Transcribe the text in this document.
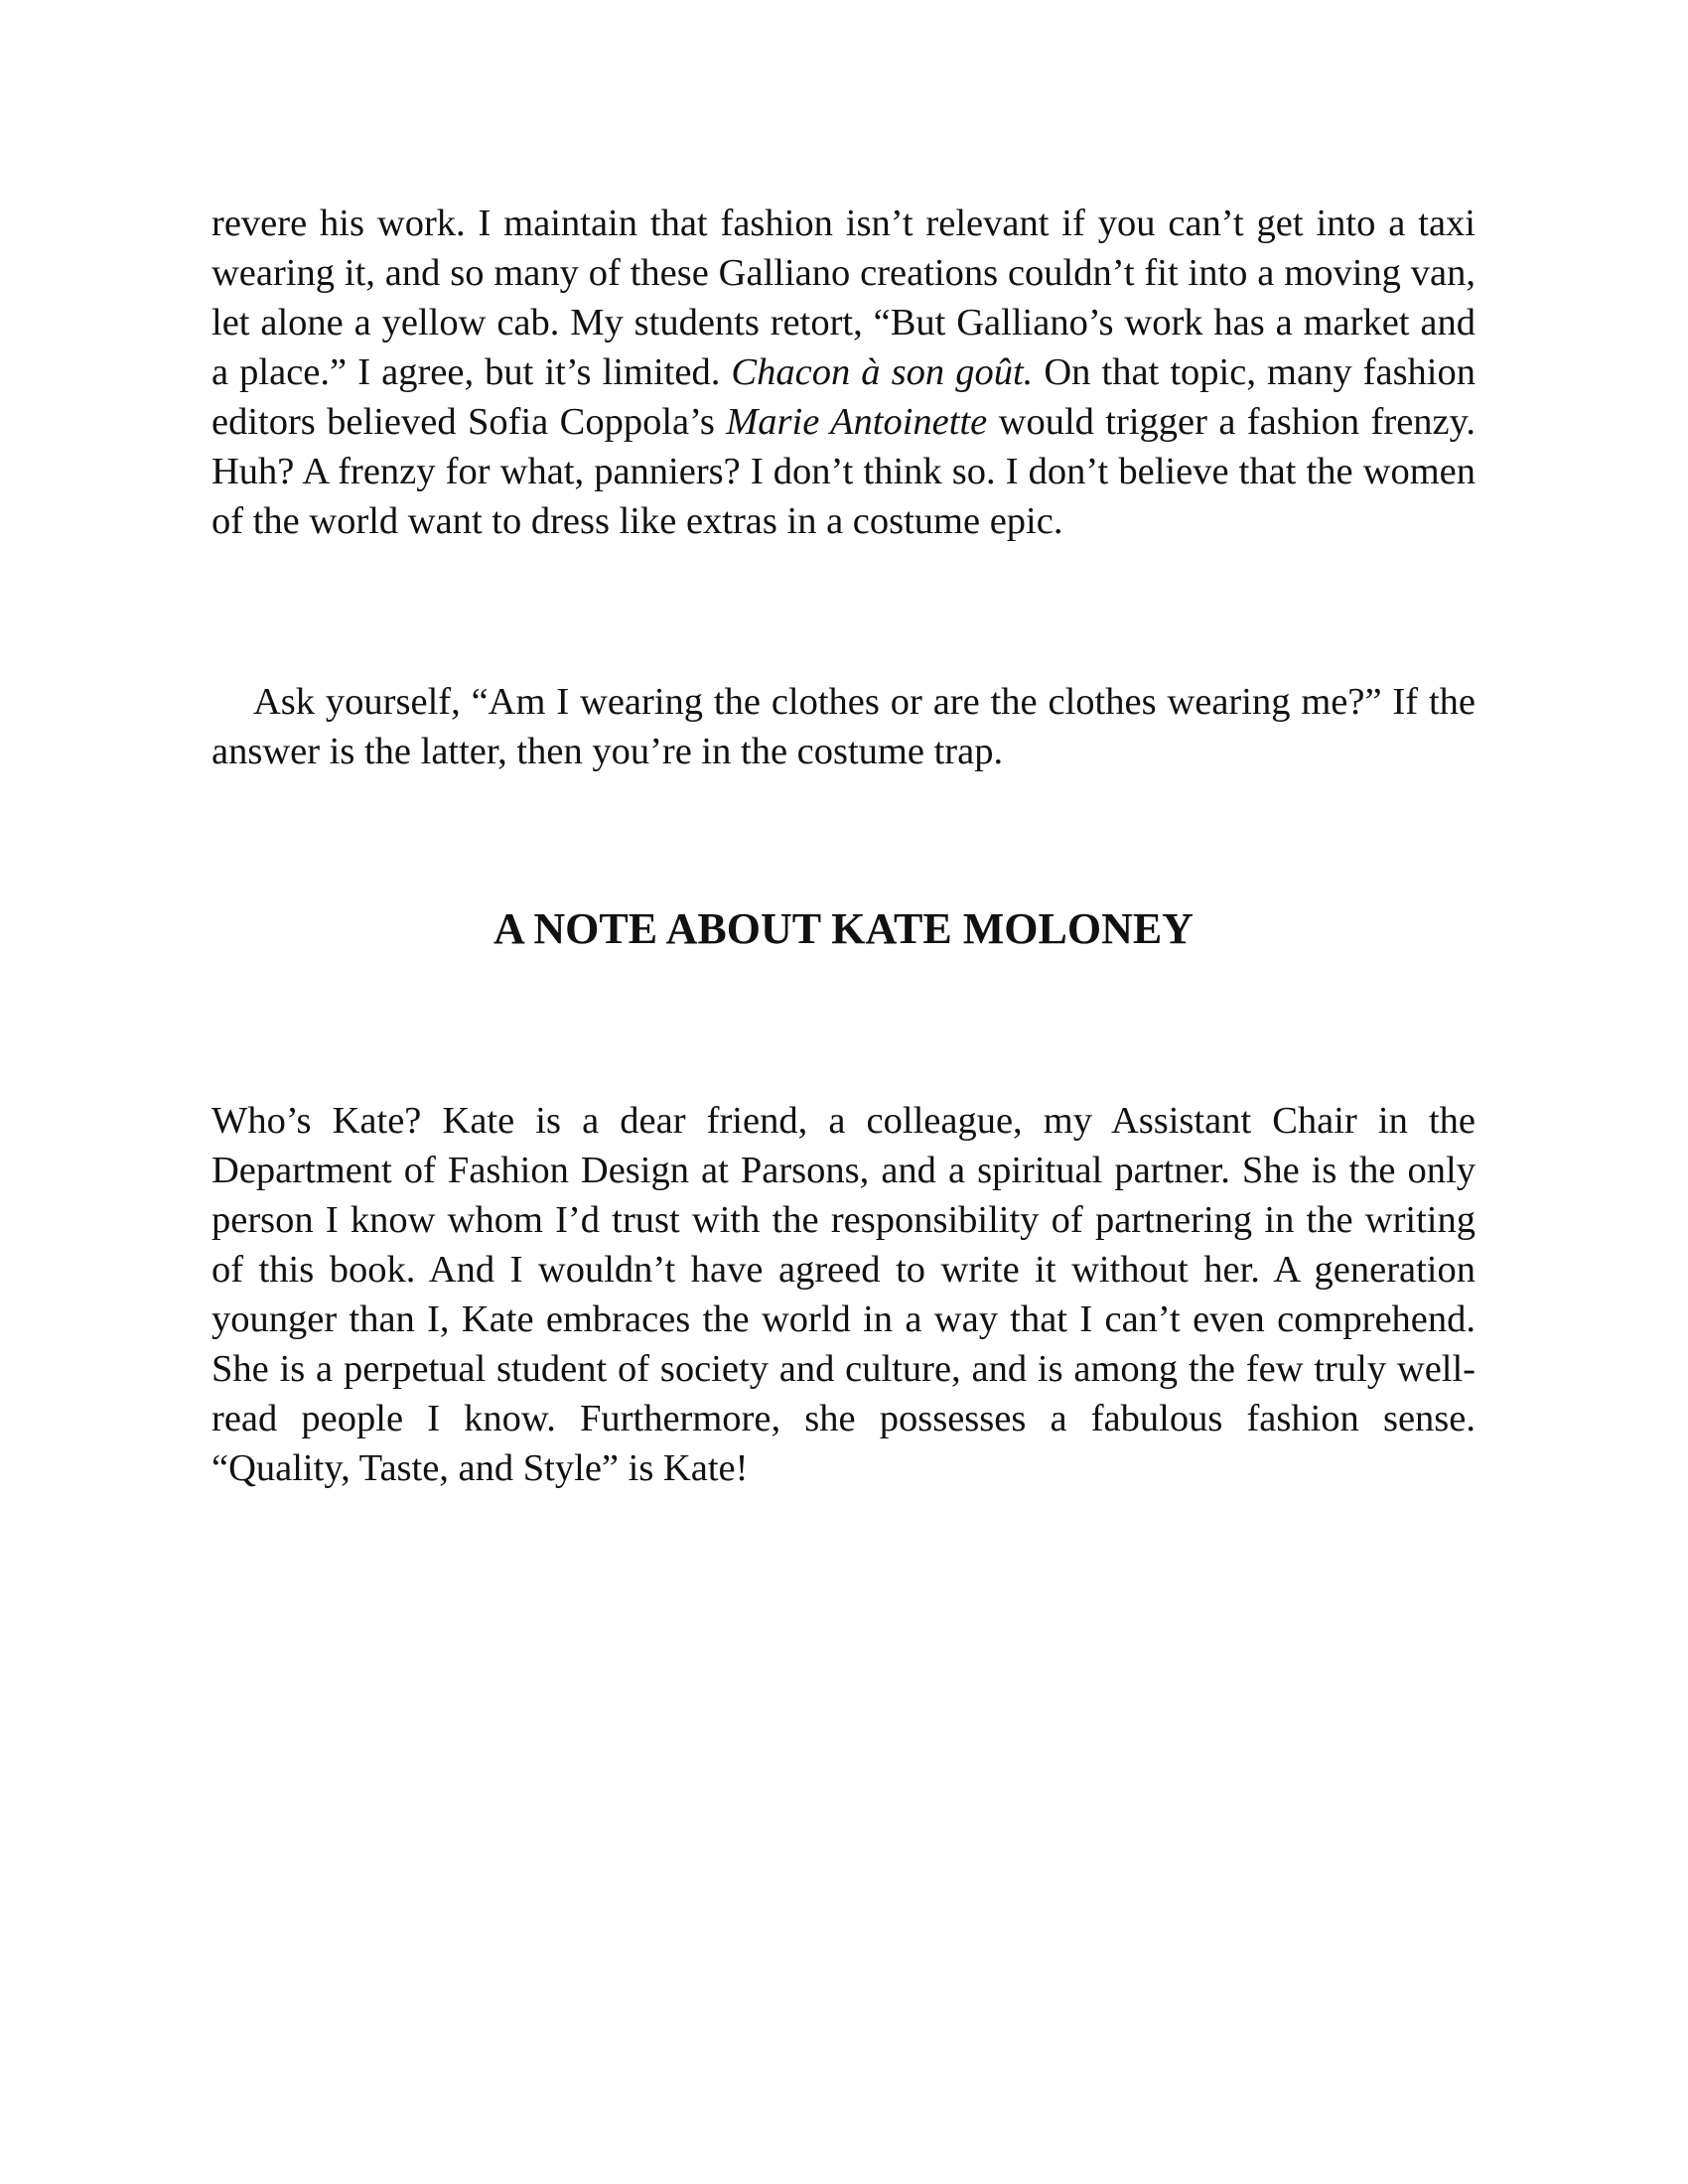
revere his work. I maintain that fashion isn’t relevant if you can’t get into a taxi wearing it, and so many of these Galliano creations couldn’t fit into a moving van, let alone a yellow cab. My students retort, “But Galliano’s work has a market and a place.” I agree, but it’s limited. Chacon à son goût. On that topic, many fashion editors believed Sofia Coppola’s Marie Antoinette would trigger a fashion frenzy. Huh? A frenzy for what, panniers? I don’t think so. I don’t believe that the women of the world want to dress like extras in a costume epic.

Ask yourself, “Am I wearing the clothes or are the clothes wearing me?” If the answer is the latter, then you’re in the costume trap.

A NOTE ABOUT KATE MOLONEY

Who’s Kate? Kate is a dear friend, a colleague, my Assistant Chair in the Department of Fashion Design at Parsons, and a spiritual partner. She is the only person I know whom I’d trust with the responsibility of partnering in the writing of this book. And I wouldn’t have agreed to write it without her. A generation younger than I, Kate embraces the world in a way that I can’t even comprehend. She is a perpetual student of society and culture, and is among the few truly well-read people I know. Furthermore, she possesses a fabulous fashion sense. “Quality, Taste, and Style” is Kate!
